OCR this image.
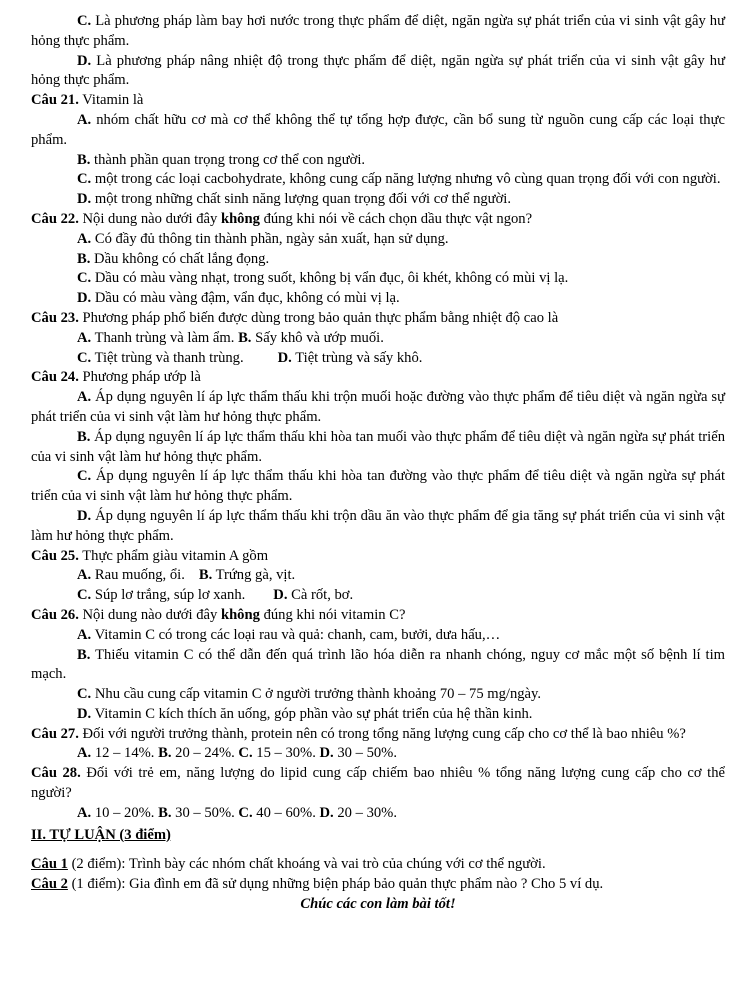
C. Là phương pháp làm bay hơi nước trong thực phẩm để diệt, ngăn ngừa sự phát triển của vi sinh vật gây hư hỏng thực phẩm.

D. Là phương pháp nâng nhiệt độ trong thực phẩm để diệt, ngăn ngừa sự phát triển của vi sinh vật gây hư hỏng thực phẩm.

Câu 21. Vitamin là

A. nhóm chất hữu cơ mà cơ thể không thể tự tổng hợp được, cần bổ sung từ nguồn cung cấp các loại thực phẩm.

B. thành phần quan trọng trong cơ thể con người.

C. một trong các loại cacbohydrate, không cung cấp năng lượng nhưng vô cùng quan trọng đối với con người.

D. một trong những chất sinh năng lượng quan trọng đối với cơ thể người.

Câu 22. Nội dung nào dưới đây không đúng khi nói về cách chọn dầu thực vật ngon?

A. Có đầy đủ thông tin thành phần, ngày sản xuất, hạn sử dụng.

B. Dầu không có chất lắng đọng.

C. Dầu có màu vàng nhạt, trong suốt, không bị vẩn đục, ôi khét, không có mùi vị lạ.

D. Dầu có màu vàng đậm, vẩn đục, không có mùi vị lạ.

Câu 23. Phương pháp phổ biến được dùng trong bảo quản thực phẩm bằng nhiệt độ cao là

A. Thanh trùng và làm ẩm. B. Sấy khô và ướp muối.

C. Tiệt trùng và thanh trùng. D. Tiệt trùng và sấy khô.

Câu 24. Phương pháp ướp là

A. Áp dụng nguyên lí áp lực thẩm thấu khi trộn muối hoặc đường vào thực phẩm để tiêu diệt và ngăn ngừa sự phát triển của vi sinh vật làm hư hỏng thực phẩm.

B. Áp dụng nguyên lí áp lực thẩm thấu khi hòa tan muối vào thực phẩm để tiêu diệt và ngăn ngừa sự phát triển của vi sinh vật làm hư hỏng thực phẩm.

C. Áp dụng nguyên lí áp lực thẩm thấu khi hòa tan đường vào thực phẩm để tiêu diệt và ngăn ngừa sự phát triển của vi sinh vật làm hư hỏng thực phẩm.

D. Áp dụng nguyên lí áp lực thẩm thấu khi trộn dầu ăn vào thực phẩm để gia tăng sự phát triển của vi sinh vật làm hư hỏng thực phẩm.

Câu 25. Thực phẩm giàu vitamin A gồm

A. Rau muống, ổi. B. Trứng gà, vịt.

C. Súp lơ trắng, súp lơ xanh. D. Cà rốt, bơ.

Câu 26. Nội dung nào dưới đây không đúng khi nói vitamin C?

A. Vitamin C có trong các loại rau và quả: chanh, cam, bưởi, dưa hấu,…

B. Thiếu vitamin C có thể dẫn đến quá trình lão hóa diễn ra nhanh chóng, nguy cơ mắc một số bệnh lí tim mạch.

C. Nhu cầu cung cấp vitamin C ở người trưởng thành khoảng 70 – 75 mg/ngày.

D. Vitamin C kích thích ăn uống, góp phần vào sự phát triển của hệ thần kinh.

Câu 27. Đối với người trưởng thành, protein nên có trong tổng năng lượng cung cấp cho cơ thể là bao nhiêu %?

A. 12 – 14%. B. 20 – 24%. C. 15 – 30%. D. 30 – 50%.

Câu 28. Đối với trẻ em, năng lượng do lipid cung cấp chiếm bao nhiêu % tổng năng lượng cung cấp cho cơ thể người?

A. 10 – 20%. B. 30 – 50%. C. 40 – 60%. D. 20 – 30%.

II. TỰ LUẬN (3 điểm)

Câu 1 (2 điểm): Trình bày các nhóm chất khoáng và vai trò của chúng với cơ thể người.

Câu 2 (1 điểm): Gia đình em đã sử dụng những biện pháp bảo quản thực phẩm nào ? Cho 5 ví dụ.

Chúc các con làm bài tốt!
